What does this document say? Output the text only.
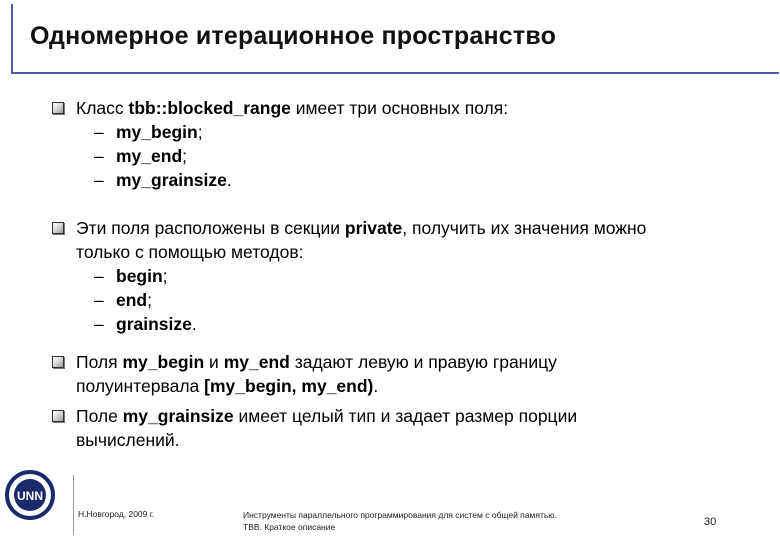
Одномерное итерационное пространство
Класс tbb::blocked_range имеет три основных поля:
– my_begin;
– my_end;
– my_grainsize.
Эти поля расположены в секции private, получить их значения можно
только с помощью методов:
– begin;
– end;
– grainsize.
Поля my_begin и my_end задают левую и правую границу
полуинтервала [my_begin, my_end).
Поле my_grainsize имеет целый тип и задает размер порции
вычислений.
UNN
Н.Новгород, 2009 г.	Инструменты параллельного программирования для систем с общей памятью.
TBB. Краткое описание	30
